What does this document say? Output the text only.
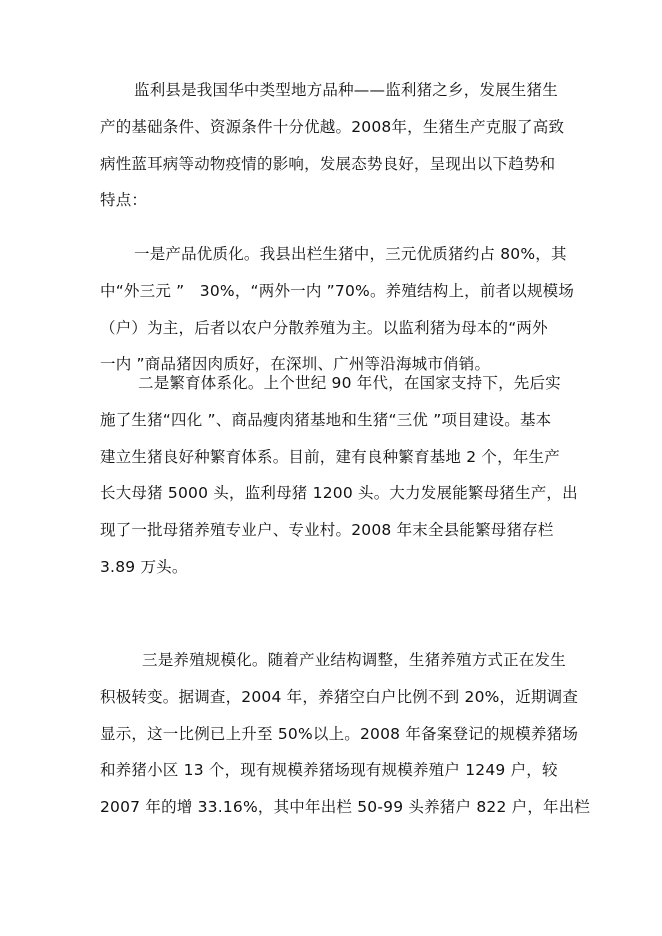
监利县是我国华中类型地方品种——监利猪之乡，发展生猪生
产的基础条件、资源条件十分优越。2008年，生猪生产克服了高致
病性蓝耳病等动物疫情的影响，发展态势良好，呈现出以下趋势和
特点：

一是产品优质化。我县出栏生猪中，三元优质猪约占 80%，其
中“外三元 ”   30%，“两外一内 ”70%。养殖结构上，前者以规模场
（户）为主，后者以农户分散养殖为主。以监利猪为母本的“两外
一内 ”商品猪因肉质好，在深圳、广州等沿海城市俏销。

二是繁育体系化。上个世纪 90 年代，在国家支持下，先后实
施了生猪“四化 ”、商品瘦肉猪基地和生猪“三优 ”项目建设。基本
建立生猪良好种繁育体系。目前，建有良种繁育基地 2 个，年生产
长大母猪 5000 头，监利母猪 1200 头。大力发展能繁母猪生产，出
现了一批母猪养殖专业户、专业村。2008 年末全县能繁母猪存栏
3.89 万头。

三是养殖规模化。随着产业结构调整，生猪养殖方式正在发生
积极转变。据调查，2004 年，养猪空白户比例不到 20%，近期调查
显示，这一比例已上升至 50%以上。2008 年备案登记的规模养猪场
和养猪小区 13 个，现有规模养猪场现有规模养殖户 1249 户，较
2007 年的增 33.16%，其中年出栏 50-99 头养猪户 822 户，年出栏
